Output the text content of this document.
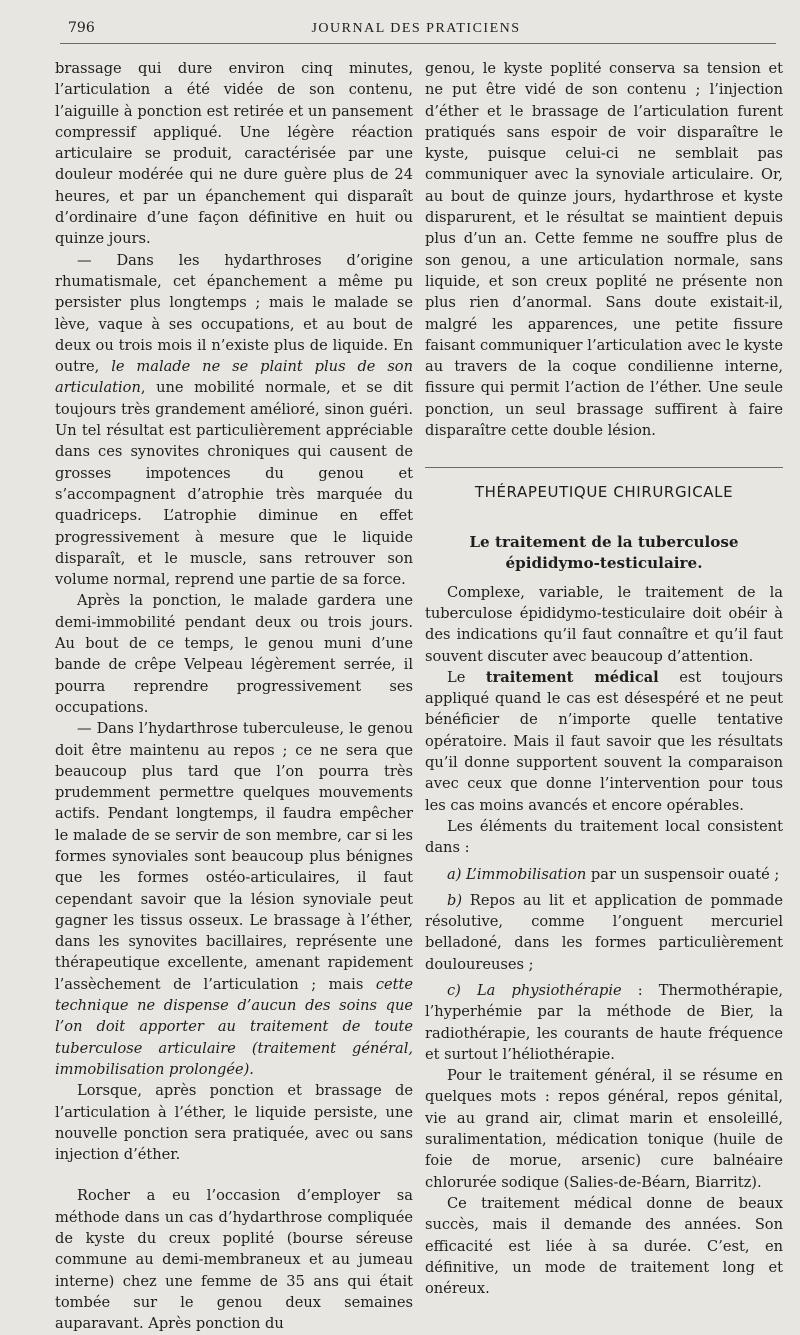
796	JOURNAL DES PRATICIENS

brassage qui dure environ cinq minutes, l’articulation a été vidée de son contenu, l’aiguille à ponction est retirée et un pansement compressif appliqué. Une légère réaction articulaire se produit, caractérisée par une douleur modérée qui ne dure guère plus de 24 heures, et par un épanchement qui disparaît d’ordinaire d’une façon définitive en huit ou quinze jours.

— Dans les hydarthroses d’origine rhumatismale, cet épanchement a même pu persister plus longtemps ; mais le malade se lève, vaque à ses occupations, et au bout de deux ou trois mois il n’existe plus de liquide. En outre, le malade ne se plaint plus de son articulation, une mobilité normale, et se dit toujours très grandement amélioré, sinon guéri. Un tel résultat est particulièrement appréciable dans ces synovites chroniques qui causent de grosses impotences du genou et s’accompagnent d’atrophie très marquée du quadriceps. L’atrophie diminue en effet progressivement à mesure que le liquide disparaît, et le muscle, sans retrouver son volume normal, reprend une partie de sa force.

Après la ponction, le malade gardera une demi-immobilité pendant deux ou trois jours. Au bout de ce temps, le genou muni d’une bande de crêpe Velpeau légèrement serrée, il pourra reprendre progressivement ses occupations.

— Dans l’hydarthrose tuberculeuse, le genou doit être maintenu au repos ; ce ne sera que beaucoup plus tard que l’on pourra très prudemment permettre quelques mouvements actifs. Pendant longtemps, il faudra empêcher le malade de se servir de son membre, car si les formes synoviales sont beaucoup plus bénignes que les formes ostéo-articulaires, il faut cependant savoir que la lésion synoviale peut gagner les tissus osseux. Le brassage à l’éther, dans les synovites bacillaires, représente une thérapeutique excellente, amenant rapidement l’assèchement de l’articulation ; mais cette technique ne dispense d’aucun des soins que l’on doit apporter au traitement de toute tuberculose articulaire (traitement général, immobilisation prolongée).

Lorsque, après ponction et brassage de l’articulation à l’éther, le liquide persiste, une nouvelle ponction sera pratiquée, avec ou sans injection d’éther.

Rocher a eu l’occasion d’employer sa méthode dans un cas d’hydarthrose compliquée de kyste du creux poplité (bourse séreuse commune au demi-membraneux et au jumeau interne) chez une femme de 35 ans qui était tombée sur le genou deux semaines auparavant. Après ponction du

genou, le kyste poplité conserva sa tension et ne put être vidé de son contenu ; l’injection d’éther et le brassage de l’articulation furent pratiqués sans espoir de voir disparaître le kyste, puisque celui-ci ne semblait pas communiquer avec la synoviale articulaire. Or, au bout de quinze jours, hydarthrose et kyste disparurent, et le résultat se maintient depuis plus d’un an. Cette femme ne souffre plus de son genou, a une articulation normale, sans liquide, et son creux poplité ne présente non plus rien d’anormal. Sans doute existait-il, malgré les apparences, une petite fissure faisant communiquer l’articulation avec le kyste au travers de la coque condilienne interne, fissure qui permit l’action de l’éther. Une seule ponction, un seul brassage suffirent à faire disparaître cette double lésion.

THÉRAPEUTIQUE CHIRURGICALE
Le traitement de la tuberculose
épididymo-testiculaire.

Complexe, variable, le traitement de la tuberculose épididymo-testiculaire doit obéir à des indications qu’il faut connaître et qu’il faut souvent discuter avec beaucoup d’attention.

Le traitement médical est toujours appliqué quand le cas est désespéré et ne peut bénéficier de n’importe quelle tentative opératoire. Mais il faut savoir que les résultats qu’il donne supportent souvent la comparaison avec ceux que donne l’intervention pour tous les cas moins avancés et encore opérables.

Les éléments du traitement local consistent dans :

a) L’immobilisation par un suspensoir ouaté ;

b) Repos au lit et application de pommade résolutive, comme l’onguent mercuriel belladoné, dans les formes particulièrement douloureuses ;

c) La physiothérapie : Thermothérapie, l’hyperhémie par la méthode de Bier, la radiothérapie, les courants de haute fréquence et surtout l’héliothérapie.

Pour le traitement général, il se résume en quelques mots : repos général, repos génital, vie au grand air, climat marin et ensoleillé, suralimentation, médication tonique (huile de foie de morue, arsenic) cure balnéaire chlorurée sodique (Salies-de-Béarn, Biarritz).

Ce traitement médical donne de beaux succès, mais il demande des années. Son efficacité est liée à sa durée. C’est, en définitive, un mode de traitement long et onéreux.
